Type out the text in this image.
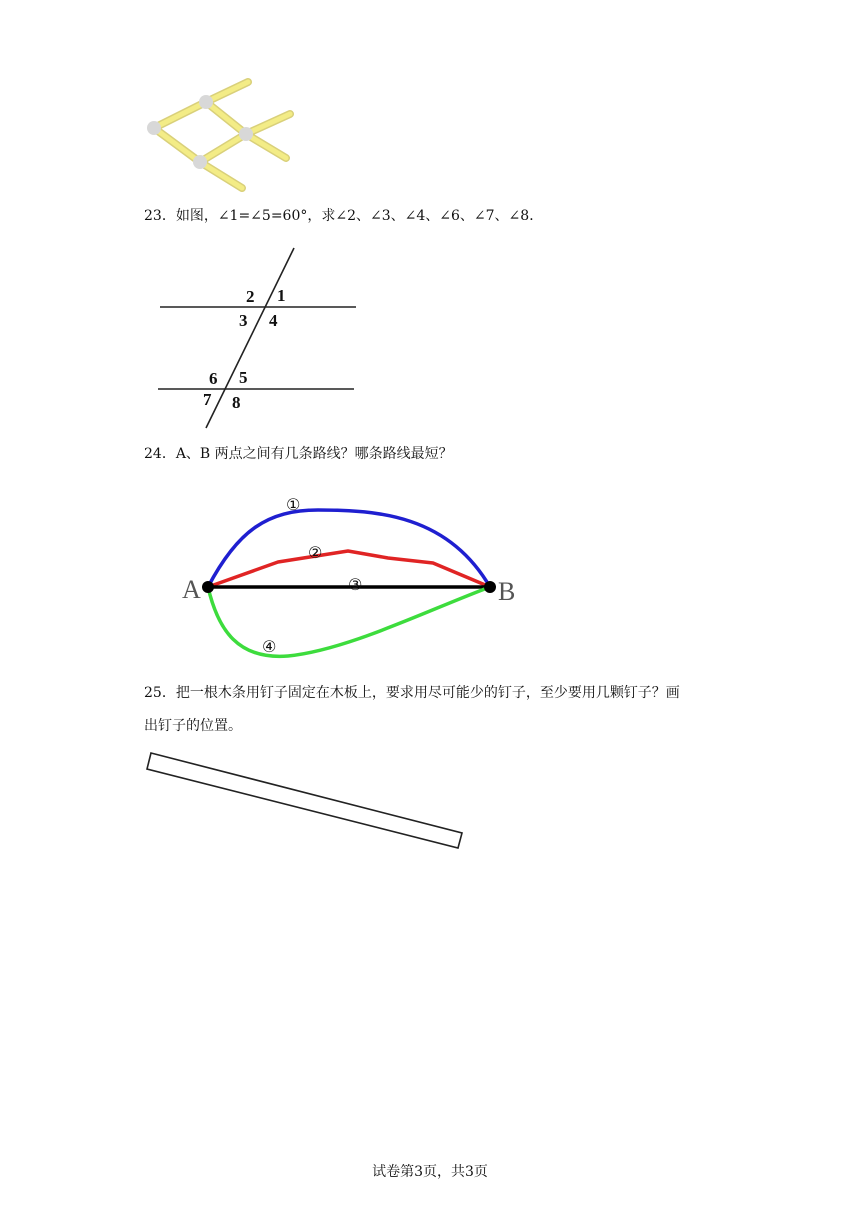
23．如图，∠1=∠5=60°，求∠2、∠3、∠4、∠6、∠7、∠8．
2 1
3 4
6 5
7 8
24．A、B 两点之间有几条路线？哪条路线最短？
A	B
①
②
③
④
25．把一根木条用钉子固定在木板上，要求用尽可能少的钉子，至少要用几颗钉子？画
出钉子的位置。
试卷第3页，共3页
